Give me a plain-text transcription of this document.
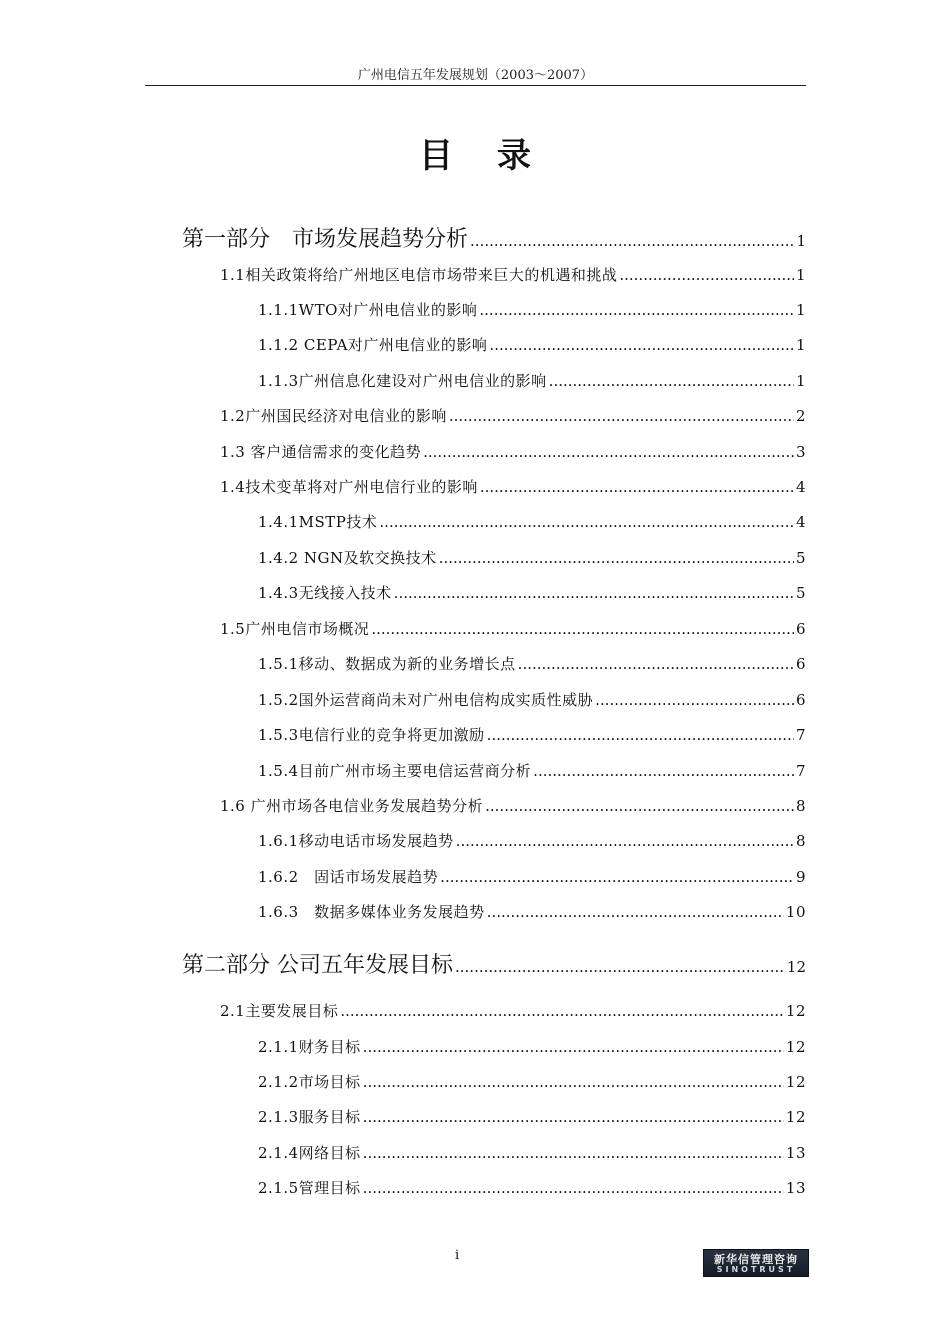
广州电信五年发展规划（2003～2007）
目录
第一部分　市场发展趋势分析 .....	1
1.1相关政策将给广州地区电信市场带来巨大的机遇和挑战 .....	1
1.1.1WTO对广州电信业的影响 .....	1
1.1.2 CEPA对广州电信业的影响 .....	1
1.1.3广州信息化建设对广州电信业的影响 .....	1
1.2广州国民经济对电信业的影响 .....	2
1.3 客户通信需求的变化趋势 .....	3
1.4技术变革将对广州电信行业的影响 .....	4
1.4.1MSTP技术 .....	4
1.4.2 NGN及软交换技术 .....	5
1.4.3无线接入技术 .....	5
1.5广州电信市场概况 .....	6
1.5.1移动、数据成为新的业务增长点 .....	6
1.5.2国外运营商尚未对广州电信构成实质性威胁 .....	6
1.5.3电信行业的竞争将更加激励 .....	7
1.5.4目前广州市场主要电信运营商分析 .....	7
1.6 广州市场各电信业务发展趋势分析 .....	8
1.6.1移动电话市场发展趋势 .....	8
1.6.2　固话市场发展趋势 .....	9
1.6.3　数据多媒体业务发展趋势 .....	10
第二部分 公司五年发展目标 .....	12
2.1主要发展目标 .....	12
2.1.1财务目标 .....	12
2.1.2市场目标 .....	12
2.1.3服务目标 .....	12
2.1.4网络目标 .....	13
2.1.5管理目标 .....	13
i	新华信管理咨询
SINOTRUST
